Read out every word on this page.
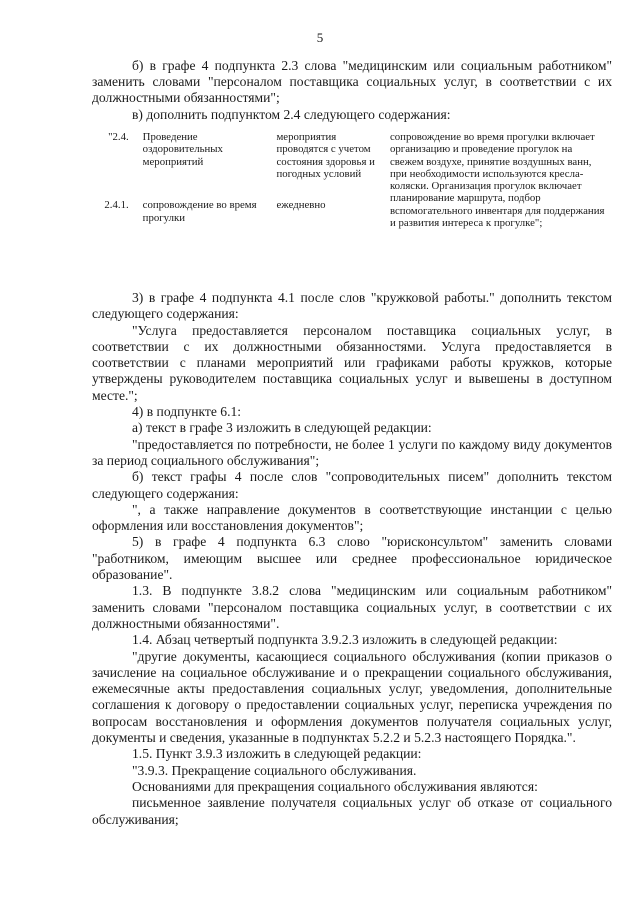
5

б) в графе 4 подпункта 2.3 слова "медицинским или социальным работником" заменить словами "персоналом поставщика социальных услуг, в соответствии с их должностными обязанностями";

в) дополнить подпунктом 2.4 следующего содержания:

"2.4.	Проведение оздоровительных мероприятий	мероприятия проводятся с учетом состояния здоровья и погодных условий	сопровождение во время прогулки включает организацию и проведение прогулок на свежем воздухе, принятие воздушных ванн, при необходимости используются кресла-коляски. Организация прогулок включает планирование маршрута, подбор вспомогательного инвентаря для поддержания и развития интереса к прогулке";
2.4.1.	сопровождение во время прогулки	ежедневно	

3) в графе 4 подпункта 4.1 после слов "кружковой работы." дополнить текстом следующего содержания:

"Услуга предоставляется персоналом поставщика социальных услуг, в соответствии с их должностными обязанностями. Услуга предоставляется в соответствии с планами мероприятий или графиками работы кружков, которые утверждены руководителем поставщика социальных услуг и вывешены в доступном месте.";

4) в подпункте 6.1:

а) текст в графе 3 изложить в следующей редакции:

"предоставляется по потребности, не более 1 услуги по каждому виду документов за период социального обслуживания";

б) текст графы 4 после слов "сопроводительных писем" дополнить текстом следующего содержания:

", а также направление документов в соответствующие инстанции с целью оформления или восстановления документов";

5) в графе 4 подпункта 6.3 слово "юрисконсультом" заменить словами "работником, имеющим высшее или среднее профессиональное юридическое образование".

1.3. В подпункте 3.8.2 слова "медицинским или социальным работником" заменить словами "персоналом поставщика социальных услуг, в соответствии с их должностными обязанностями".

1.4. Абзац четвертый подпункта 3.9.2.3 изложить в следующей редакции:

"другие документы, касающиеся социального обслуживания (копии приказов о зачисление на социальное обслуживание и о прекращении социального обслуживания, ежемесячные акты предоставления социальных услуг, уведомления, дополнительные соглашения к договору о предоставлении социальных услуг, переписка учреждения по вопросам восстановления и оформления документов получателя социальных услуг, документы и сведения, указанные в подпунктах 5.2.2 и 5.2.3 настоящего Порядка.".

1.5. Пункт 3.9.3 изложить в следующей редакции:

"3.9.3. Прекращение социального обслуживания.

Основаниями для прекращения социального обслуживания являются:

письменное заявление получателя социальных услуг об отказе от социального обслуживания;
